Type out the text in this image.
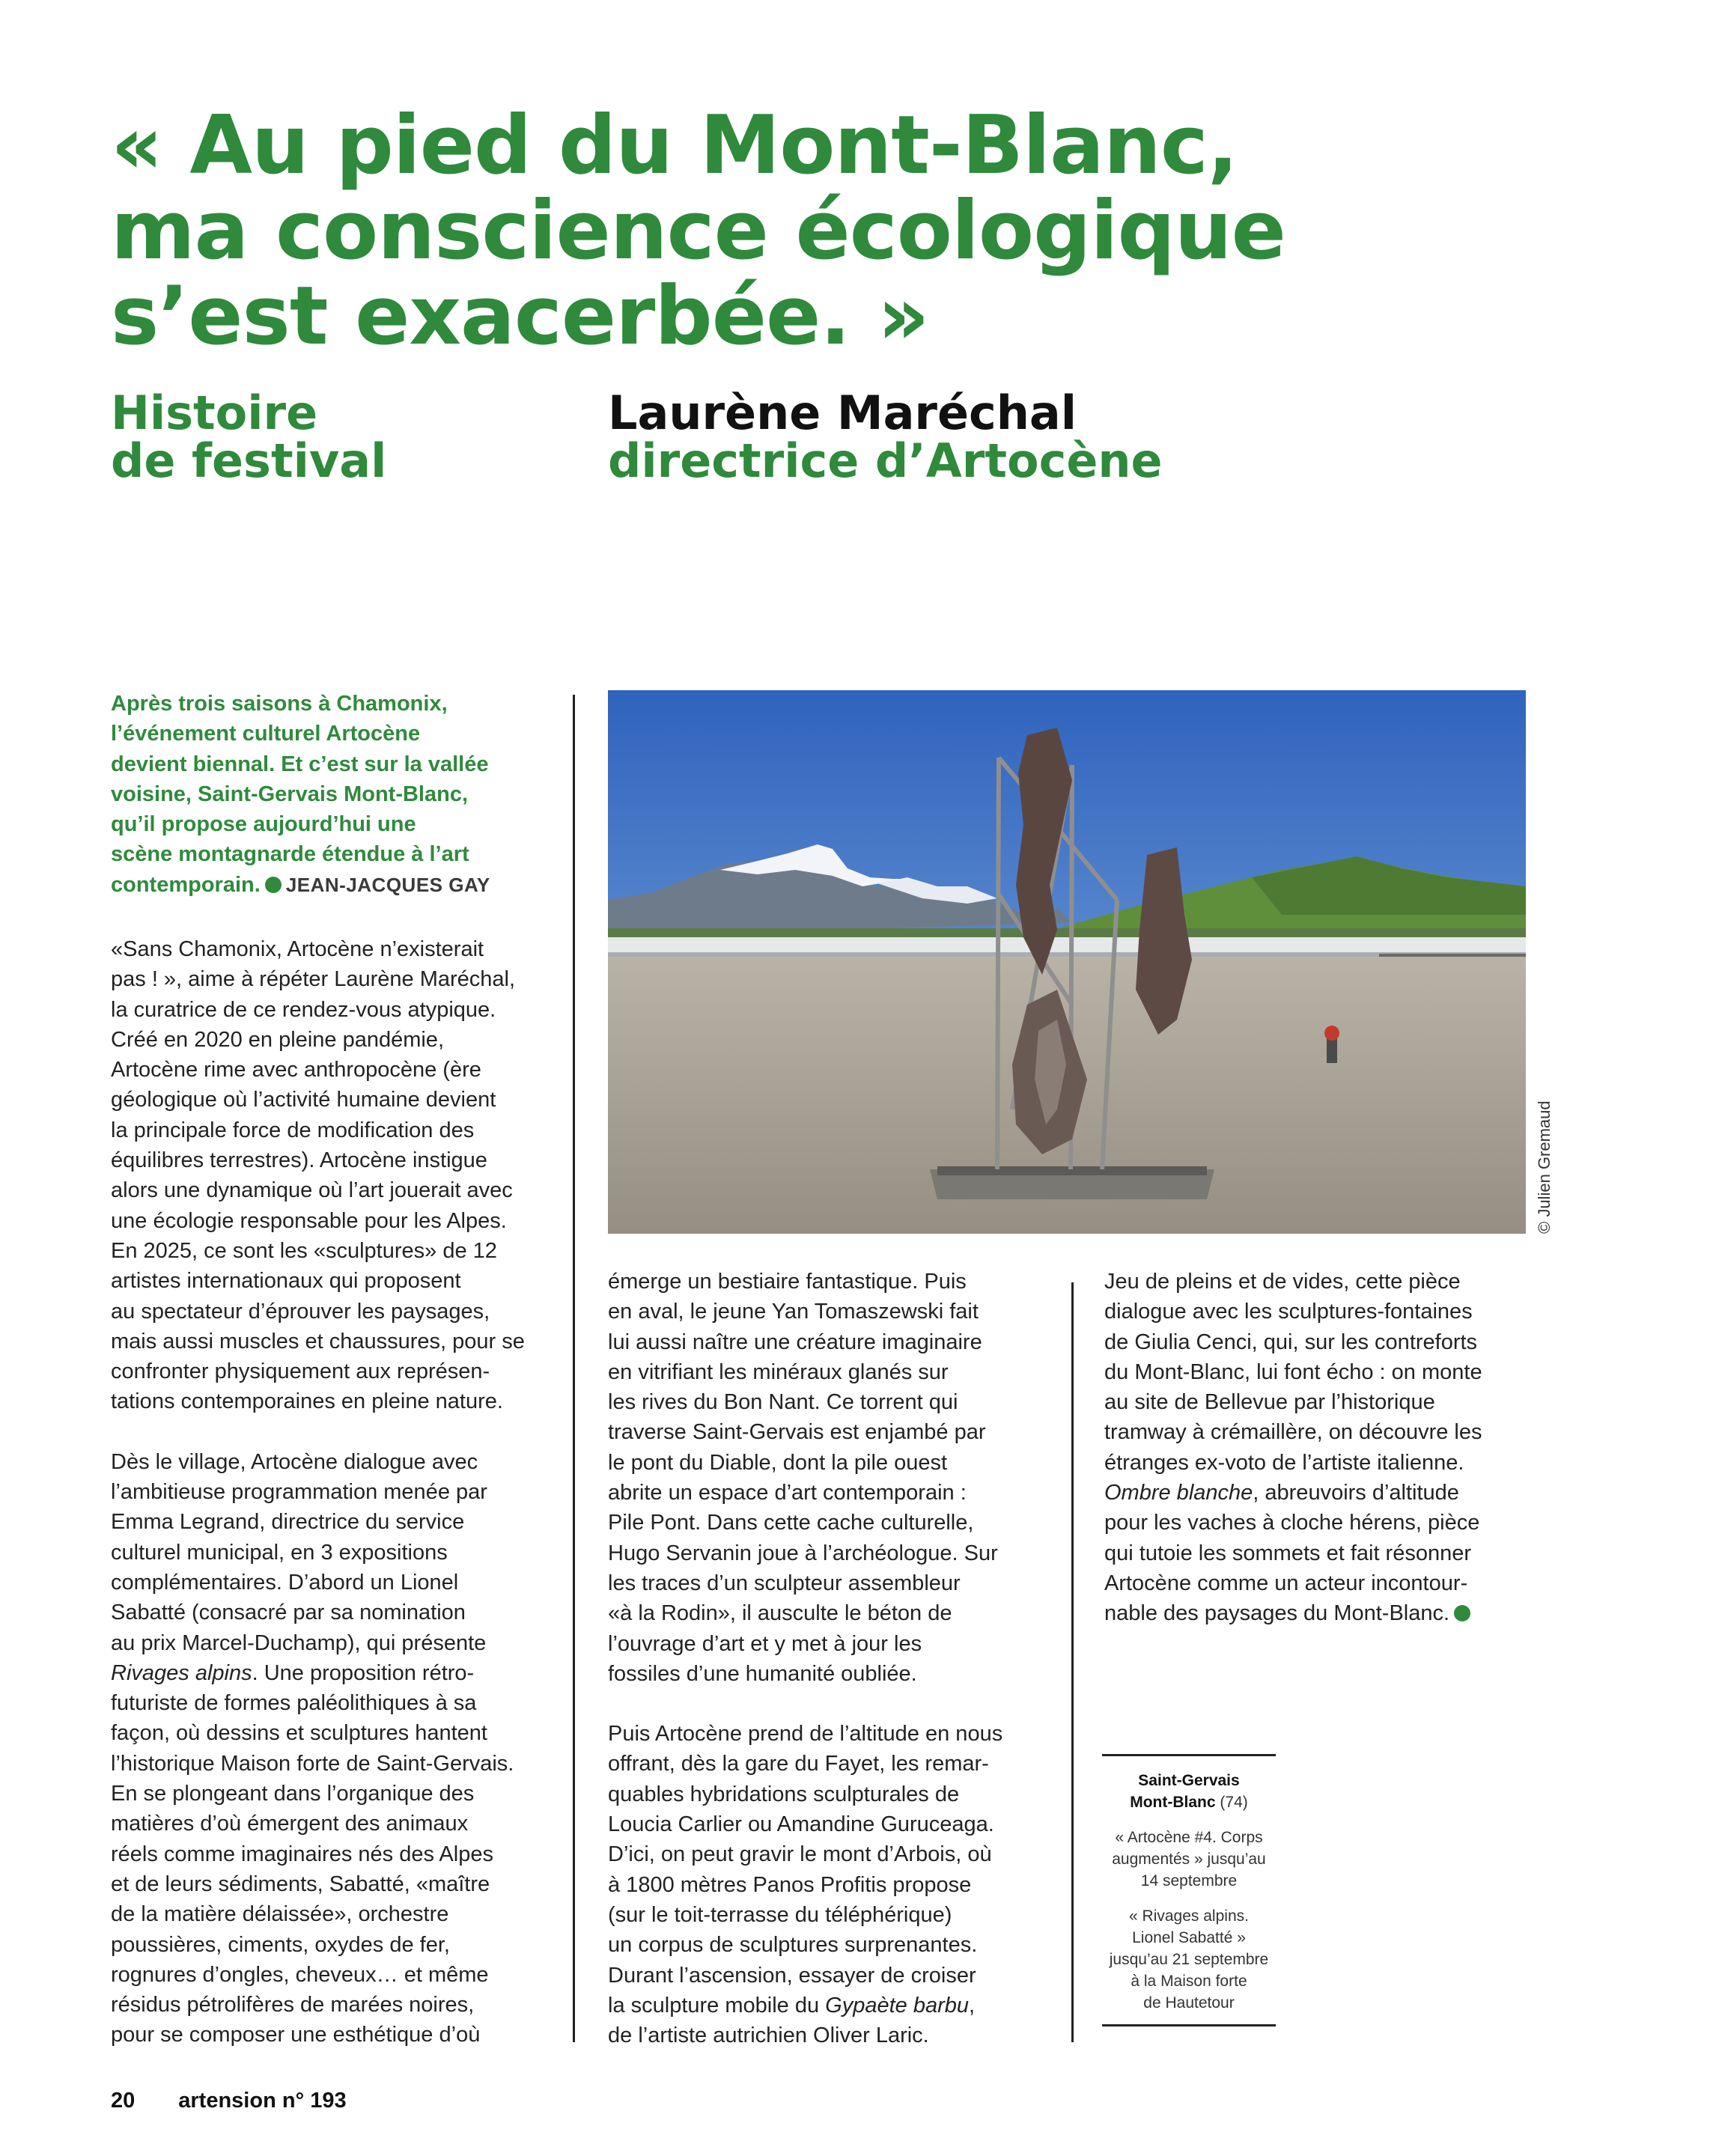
« Au pied du Mont-Blanc,
ma conscience écologique
s’est exacerbée. »
Histoire
de festival
Laurène Maréchal
directrice d’Artocène
Après trois saisons à Chamonix,
l’événement culturel Artocène
devient biennal. Et c’est sur la vallée
voisine, Saint-Gervais Mont-Blanc,
qu’il propose aujourd’hui une
scène montagnarde étendue à l’art
contemporain. JEAN-JACQUES GAY

«Sans Chamonix, Artocène n’existerait
pas ! », aime à répéter Laurène Maréchal,
la curatrice de ce rendez-vous atypique.
Créé en 2020 en pleine pandémie,
Artocène rime avec anthropocène (ère
géologique où l’activité humaine devient
la principale force de modification des
équilibres terrestres). Artocène instigue
alors une dynamique où l’art jouerait avec
une écologie responsable pour les Alpes.
En 2025, ce sont les «sculptures» de 12
artistes internationaux qui proposent
au spectateur d’éprouver les paysages,
mais aussi muscles et chaussures, pour se
confronter physiquement aux représen-
tations contemporaines en pleine nature.

Dès le village, Artocène dialogue avec
l’ambitieuse programmation menée par
Emma Legrand, directrice du service
culturel municipal, en 3 expositions
complémentaires. D’abord un Lionel
Sabatté (consacré par sa nomination
au prix Marcel-Duchamp), qui présente
Rivages alpins. Une proposition rétro-
futuriste de formes paléolithiques à sa
façon, où dessins et sculptures hantent
l’historique Maison forte de Saint-Gervais.
En se plongeant dans l’organique des
matières d’où émergent des animaux
réels comme imaginaires nés des Alpes
et de leurs sédiments, Sabatté, «maître
de la matière délaissée», orchestre
poussières, ciments, oxydes de fer,
rognures d’ongles, cheveux… et même
résidus pétrolifères de marées noires,
pour se composer une esthétique d’où

© Julien Gremaud

émerge un bestiaire fantastique. Puis
en aval, le jeune Yan Tomaszewski fait
lui aussi naître une créature imaginaire
en vitrifiant les minéraux glanés sur
les rives du Bon Nant. Ce torrent qui
traverse Saint-Gervais est enjambé par
le pont du Diable, dont la pile ouest
abrite un espace d’art contemporain :
Pile Pont. Dans cette cache culturelle,
Hugo Servanin joue à l’archéologue. Sur
les traces d’un sculpteur assembleur
«à la Rodin», il ausculte le béton de
l’ouvrage d’art et y met à jour les
fossiles d’une humanité oubliée.

Puis Artocène prend de l’altitude en nous
offrant, dès la gare du Fayet, les remar-
quables hybridations sculpturales de
Loucia Carlier ou Amandine Guruceaga.
D’ici, on peut gravir le mont d’Arbois, où
à 1800 mètres Panos Profitis propose
(sur le toit-terrasse du téléphérique)
un corpus de sculptures surprenantes.
Durant l’ascension, essayer de croiser
la sculpture mobile du Gypaète barbu,
de l’artiste autrichien Oliver Laric.

Jeu de pleins et de vides, cette pièce
dialogue avec les sculptures-fontaines
de Giulia Cenci, qui, sur les contreforts
du Mont-Blanc, lui font écho : on monte
au site de Bellevue par l’historique
tramway à crémaillère, on découvre les
étranges ex-voto de l’artiste italienne.
Ombre blanche, abreuvoirs d’altitude
pour les vaches à cloche hérens, pièce
qui tutoie les sommets et fait résonner
Artocène comme un acteur incontour-
nable des paysages du Mont-Blanc.

Saint-Gervais
Mont-Blanc (74)
« Artocène #4. Corps
augmentés » jusqu’au
14 septembre
« Rivages alpins.
Lionel Sabatté »
jusqu’au 21 septembre
à la Maison forte
de Hautetour
20 artension n° 193
